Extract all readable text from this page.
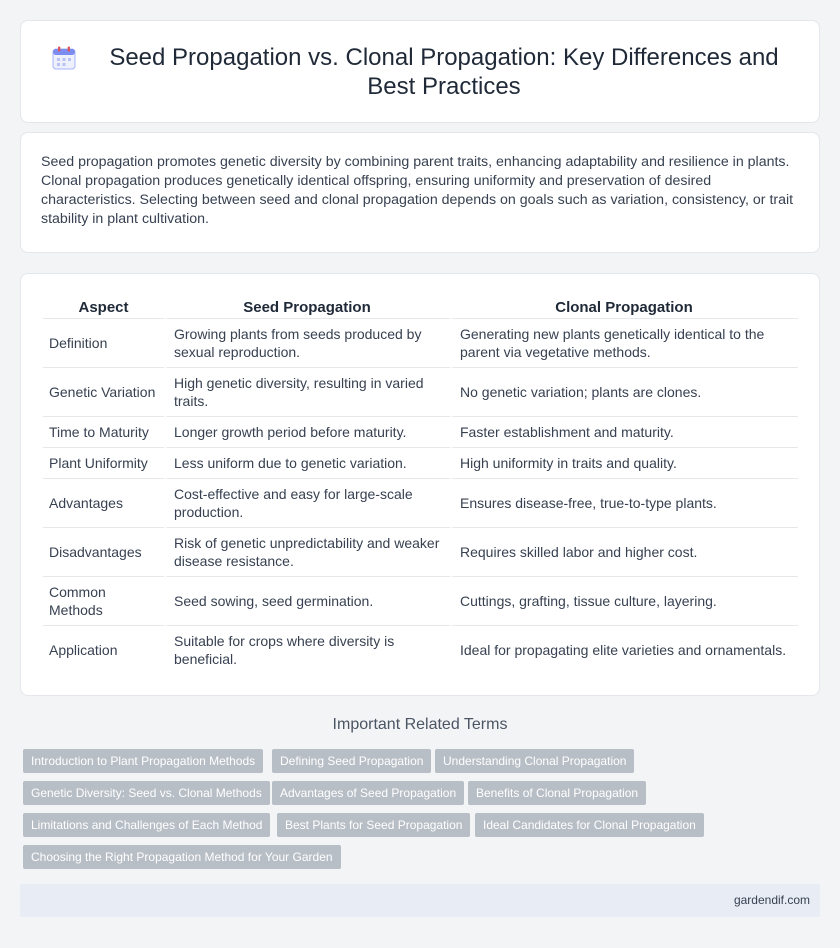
Seed Propagation vs. Clonal Propagation: Key Differences and Best Practices

Seed propagation promotes genetic diversity by combining parent traits, enhancing adaptability and resilience in plants. Clonal propagation produces genetically identical offspring, ensuring uniformity and preservation of desired characteristics. Selecting between seed and clonal propagation depends on goals such as variation, consistency, or trait stability in plant cultivation.

Aspect	Seed Propagation	Clonal Propagation
Definition	Growing plants from seeds produced by sexual reproduction.	Generating new plants genetically identical to the parent via vegetative methods.
Genetic Variation	High genetic diversity, resulting in varied traits.	No genetic variation; plants are clones.
Time to Maturity	Longer growth period before maturity.	Faster establishment and maturity.
Plant Uniformity	Less uniform due to genetic variation.	High uniformity in traits and quality.
Advantages	Cost-effective and easy for large-scale production.	Ensures disease-free, true-to-type plants.
Disadvantages	Risk of genetic unpredictability and weaker disease resistance.	Requires skilled labor and higher cost.
Common Methods	Seed sowing, seed germination.	Cuttings, grafting, tissue culture, layering.
Application	Suitable for crops where diversity is beneficial.	Ideal for propagating elite varieties and ornamentals.
Important Related Terms
Introduction to Plant Propagation Methods	Defining Seed Propagation	Understanding Clonal Propagation
Genetic Diversity: Seed vs. Clonal Methods	Advantages of Seed Propagation	Benefits of Clonal Propagation
Limitations and Challenges of Each Method	Best Plants for Seed Propagation	Ideal Candidates for Clonal Propagation
Choosing the Right Propagation Method for Your Garden
gardendif.com
